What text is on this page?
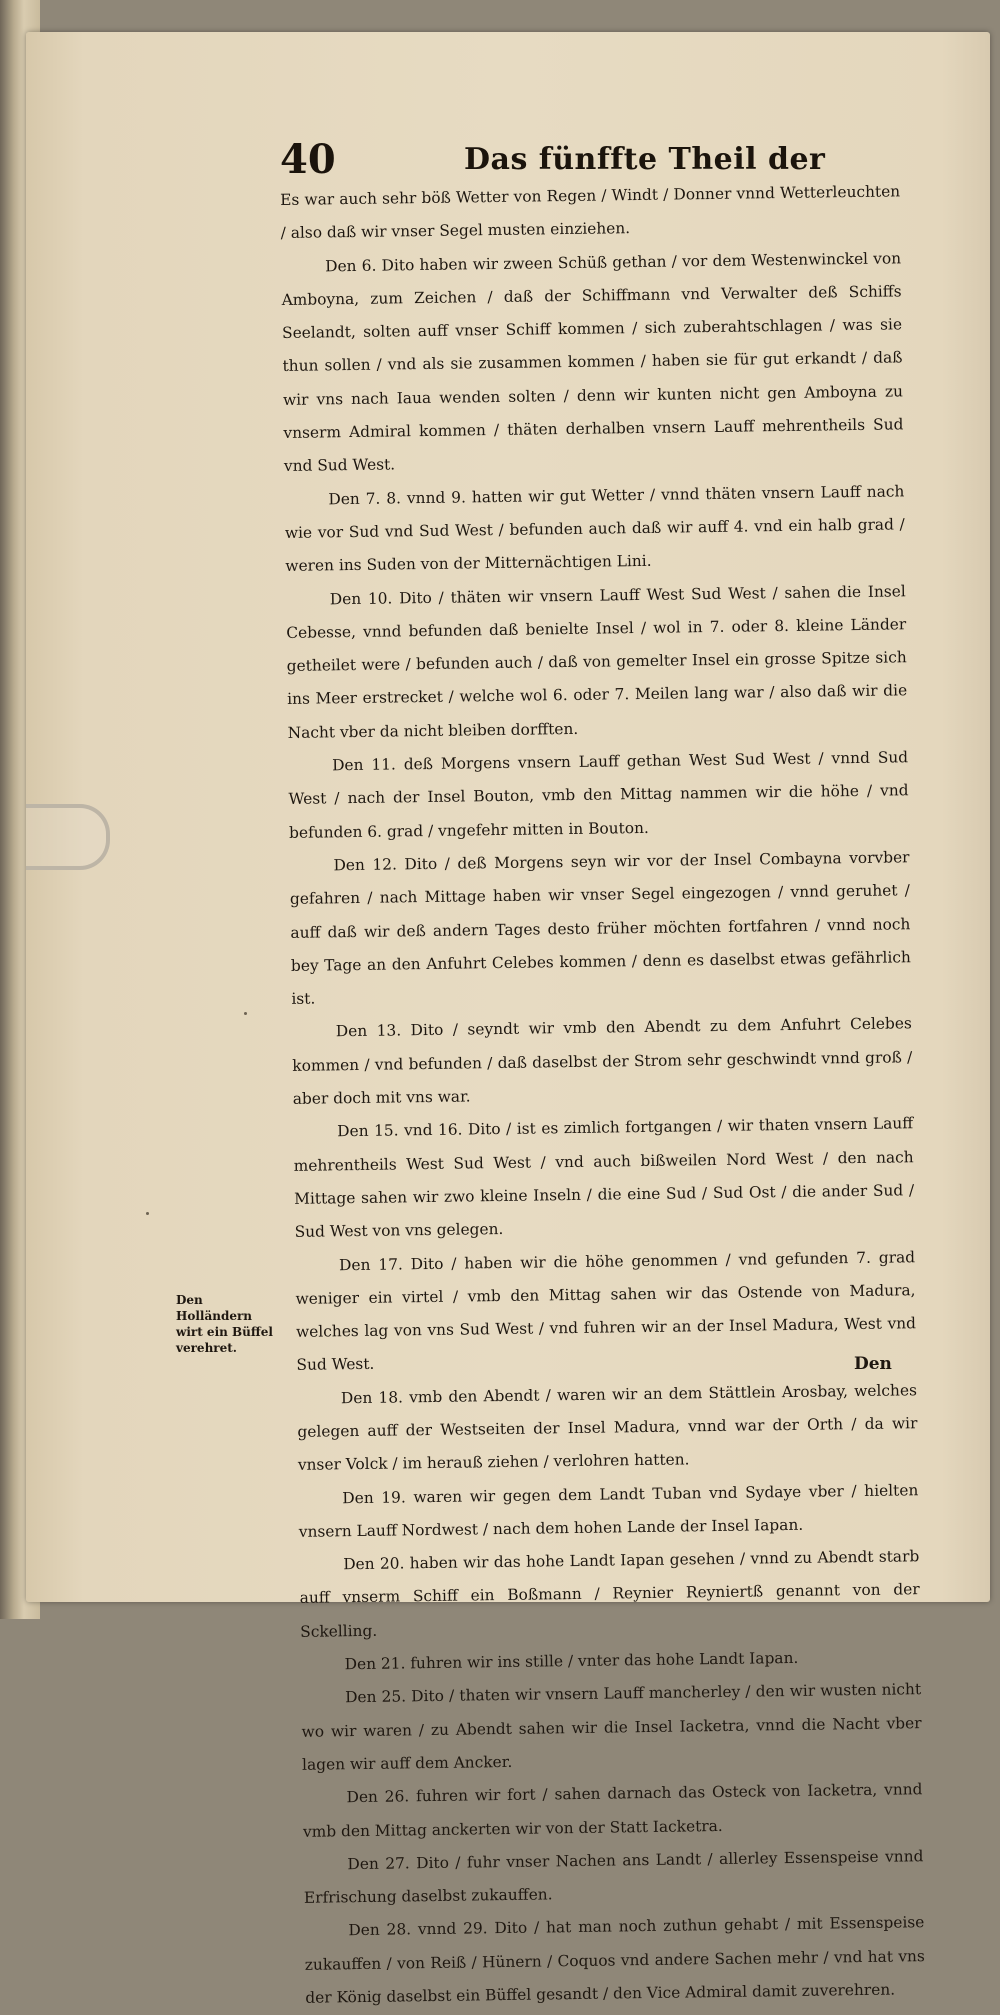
40	Das fünffte Theil der

Es war auch sehr böß Wetter von Regen / Windt / Donner vnnd Wetterleuchten / also daß wir vnser Segel musten einziehen.

Den 6. Dito haben wir zween Schüß gethan / vor dem Westenwinckel von Amboyna, zum Zeichen / daß der Schiffmann vnd Verwalter deß Schiffs Seelandt, solten auff vnser Schiff kommen / sich zuberahtschlagen / was sie thun sollen / vnd als sie zusammen kommen / haben sie für gut erkandt / daß wir vns nach Iaua wenden solten / denn wir kunten nicht gen Amboyna zu vnserm Admiral kommen / thäten derhalben vnsern Lauff mehrentheils Sud vnd Sud West.

Den 7. 8. vnnd 9. hatten wir gut Wetter / vnnd thäten vnsern Lauff nach wie vor Sud vnd Sud West / befunden auch daß wir auff 4. vnd ein halb grad / weren ins Suden von der Mitternächtigen Lini.

Den 10. Dito / thäten wir vnsern Lauff West Sud West / sahen die Insel Cebesse, vnnd befunden daß benielte Insel / wol in 7. oder 8. kleine Länder getheilet were / befunden auch / daß von gemelter Insel ein grosse Spitze sich ins Meer erstrecket / welche wol 6. oder 7. Meilen lang war / also daß wir die Nacht vber da nicht bleiben dorfften.

Den 11. deß Morgens vnsern Lauff gethan West Sud West / vnnd Sud West / nach der Insel Bouton, vmb den Mittag nammen wir die höhe / vnd befunden 6. grad / vngefehr mitten in Bouton.

Den 12. Dito / deß Morgens seyn wir vor der Insel Combayna vorvber gefahren / nach Mittage haben wir vnser Segel eingezogen / vnnd geruhet / auff daß wir deß andern Tages desto früher möchten fortfahren / vnnd noch bey Tage an den Anfuhrt Celebes kommen / denn es daselbst etwas gefährlich ist.

Den 13. Dito / seyndt wir vmb den Abendt zu dem Anfuhrt Celebes kommen / vnd befunden / daß daselbst der Strom sehr geschwindt vnnd groß / aber doch mit vns war.

Den 15. vnd 16. Dito / ist es zimlich fortgangen / wir thaten vnsern Lauff mehrentheils West Sud West / vnd auch bißweilen Nord West / den nach Mittage sahen wir zwo kleine Inseln / die eine Sud / Sud Ost / die ander Sud / Sud West von vns gelegen.

Den 17. Dito / haben wir die höhe genommen / vnd gefunden 7. grad weniger ein virtel / vmb den Mittag sahen wir das Ostende von Madura, welches lag von vns Sud West / vnd fuhren wir an der Insel Madura, West vnd Sud West.

Den 18. vmb den Abendt / waren wir an dem Stättlein Arosbay, welches gelegen auff der Westseiten der Insel Madura, vnnd war der Orth / da wir vnser Volck / im herauß ziehen / verlohren hatten.

Den 19. waren wir gegen dem Landt Tuban vnd Sydaye vber / hielten vnsern Lauff Nordwest / nach dem hohen Lande der Insel Iapan.

Den 20. haben wir das hohe Landt Iapan gesehen / vnnd zu Abendt starb auff vnserm Schiff ein Boßmann / Reynier Reyniertß genannt von der Sckelling.

Den 21. fuhren wir ins stille / vnter das hohe Landt Iapan.

Den 25. Dito / thaten wir vnsern Lauff mancherley / den wir wusten nicht wo wir waren / zu Abendt sahen wir die Insel Iacketra, vnnd die Nacht vber lagen wir auff dem Ancker.

Den 26. fuhren wir fort / sahen darnach das Osteck von Iacketra, vnnd vmb den Mittag anckerten wir von der Statt Iacketra.

Den 27. Dito / fuhr vnser Nachen ans Landt / allerley Essenspeise vnnd Erfrischung daselbst zukauffen.

Den 28. vnnd 29. Dito / hat man noch zuthun gehabt / mit Essenspeise zukauffen / von Reiß / Hünern / Coquos vnd andere Sachen mehr / vnd hat vns der König daselbst ein Büffel gesandt / den Vice Admiral damit zuverehren.

Den Holländern wirt ein Büffel verehret.
Den
